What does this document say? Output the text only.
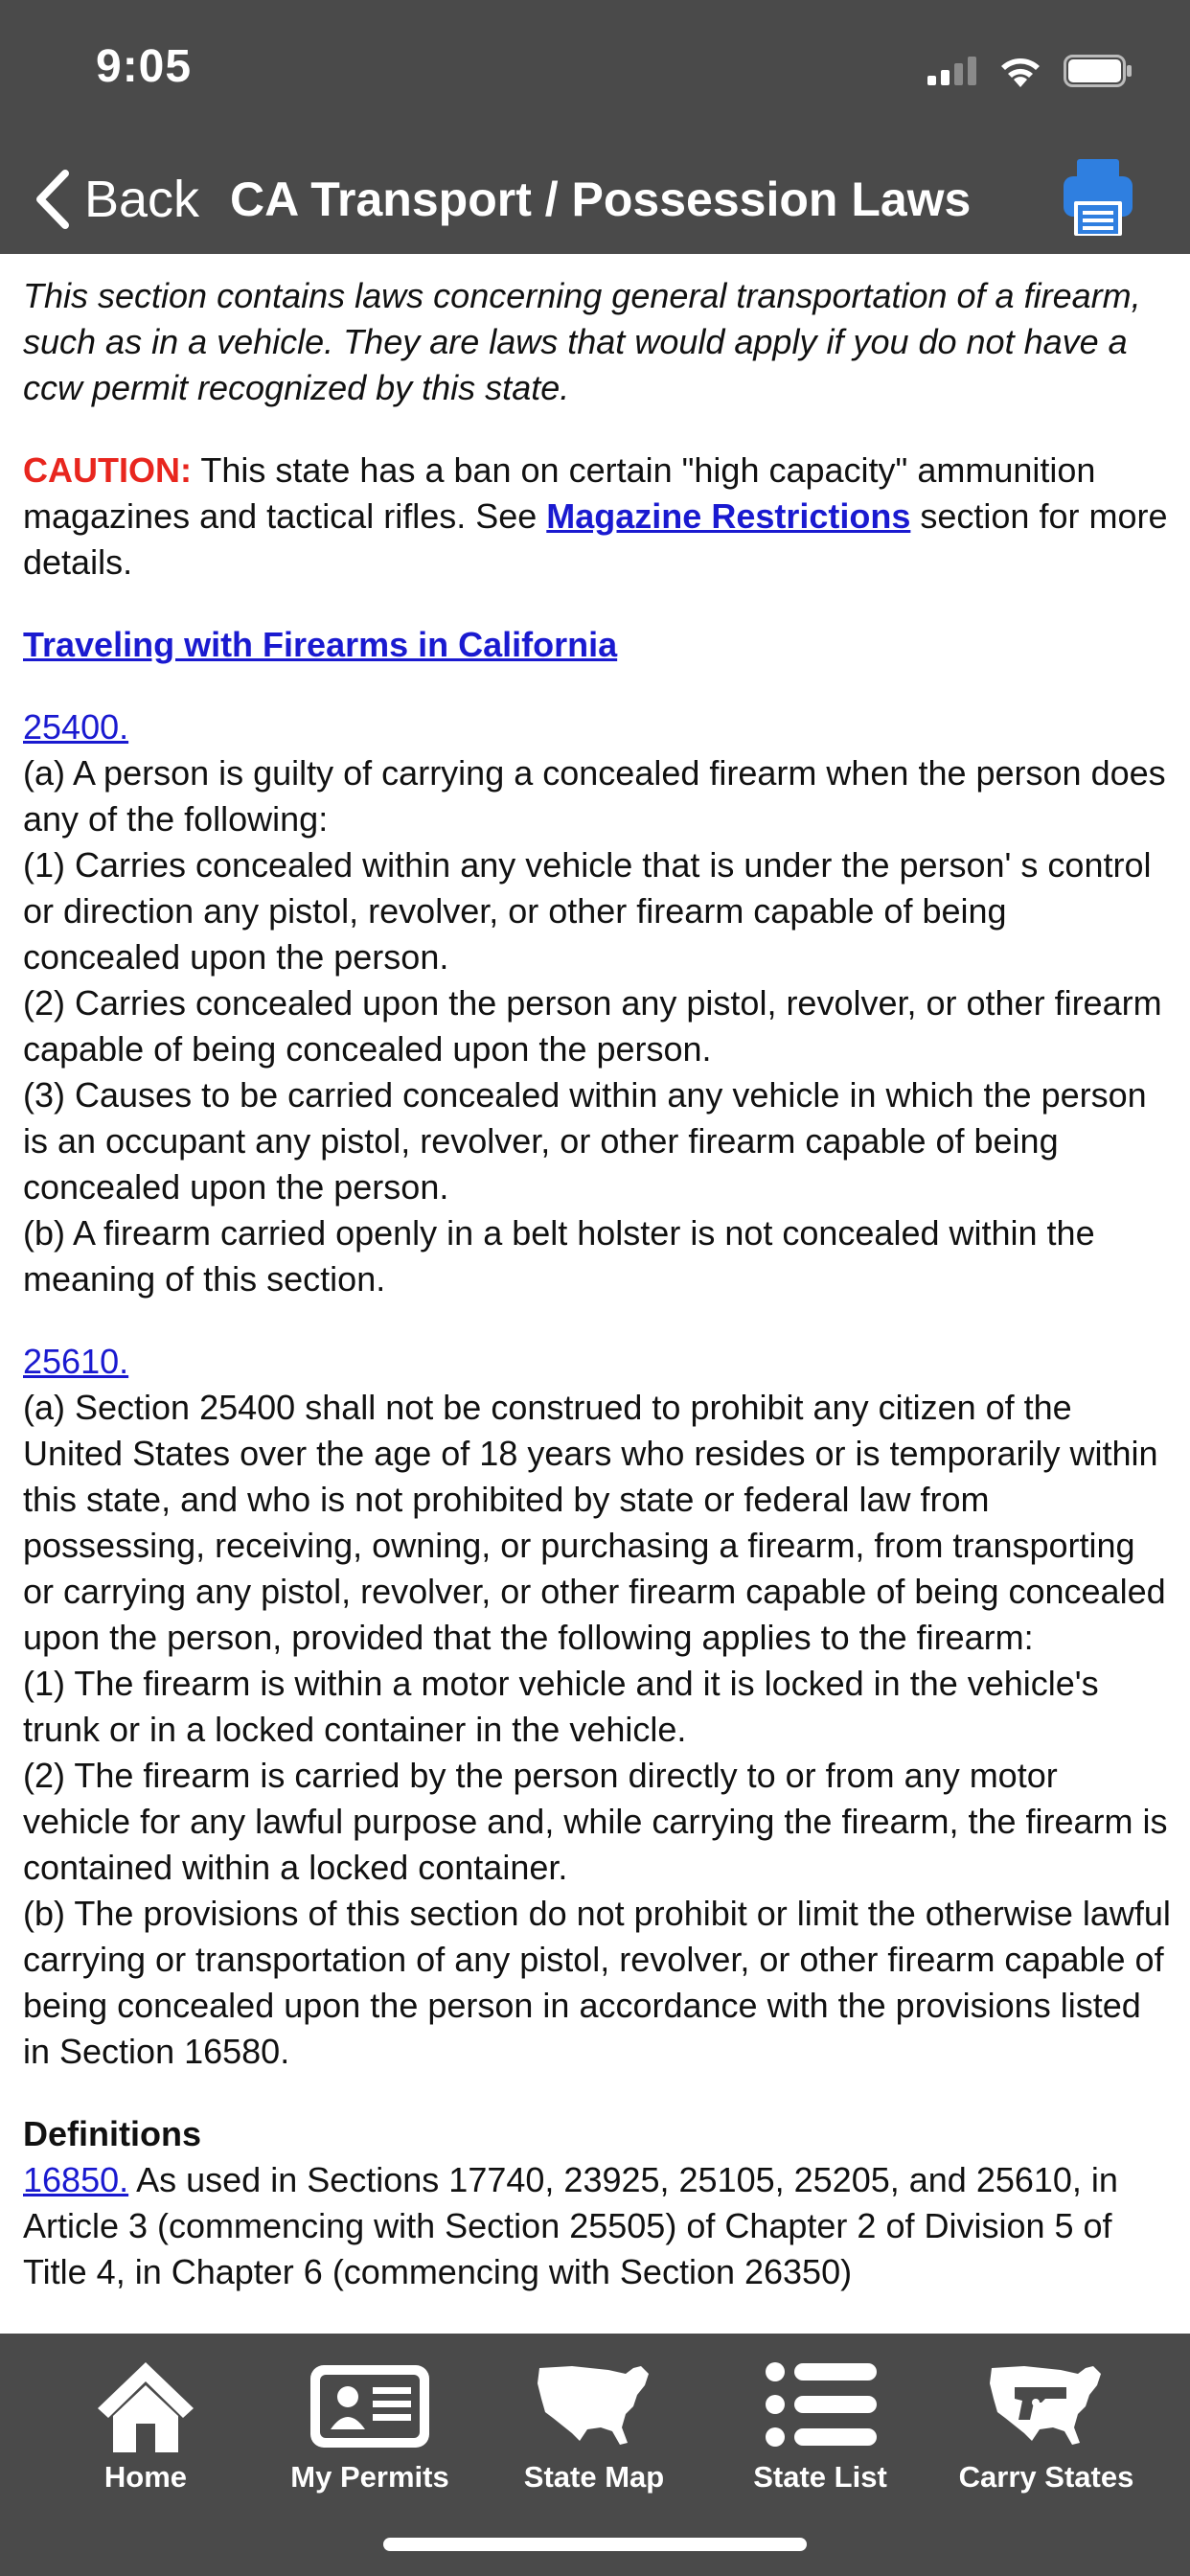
9:05
Back CA Transport / Possession Laws

This section contains laws concerning general transportation of a firearm, such as in a vehicle. They are laws that would apply if you do not have a ccw permit recognized by this state.

CAUTION: This state has a ban on certain "high capacity" ammunition magazines and tactical rifles. See Magazine Restrictions section for more details.

Traveling with Firearms in California
25400.

(a) A person is guilty of carrying a concealed firearm when the person does any of the following:

(1) Carries concealed within any vehicle that is under the person' s control or direction any pistol, revolver, or other firearm capable of being concealed upon the person.

(2) Carries concealed upon the person any pistol, revolver, or other firearm capable of being concealed upon the person.

(3) Causes to be carried concealed within any vehicle in which the person is an occupant any pistol, revolver, or other firearm capable of being concealed upon the person.

(b) A firearm carried openly in a belt holster is not concealed within the meaning of this section.

25610.

(a) Section 25400 shall not be construed to prohibit any citizen of the United States over the age of 18 years who resides or is temporarily within this state, and who is not prohibited by state or federal law from possessing, receiving, owning, or purchasing a firearm, from transporting or carrying any pistol, revolver, or other firearm capable of being concealed upon the person, provided that the following applies to the firearm:

(1) The firearm is within a motor vehicle and it is locked in the vehicle's trunk or in a locked container in the vehicle.

(2) The firearm is carried by the person directly to or from any motor vehicle for any lawful purpose and, while carrying the firearm, the firearm is contained within a locked container.

(b) The provisions of this section do not prohibit or limit the otherwise lawful carrying or transportation of any pistol, revolver, or other firearm capable of being concealed upon the person in accordance with the provisions listed in Section 16580.

Definitions

16850. As used in Sections 17740, 23925, 25105, 25205, and 25610, in Article 3 (commencing with Section 25505) of Chapter 2 of Division 5 of Title 4, in Chapter 6 (commencing with Section 26350)

Home	My Permits	State Map	State List	Carry States
